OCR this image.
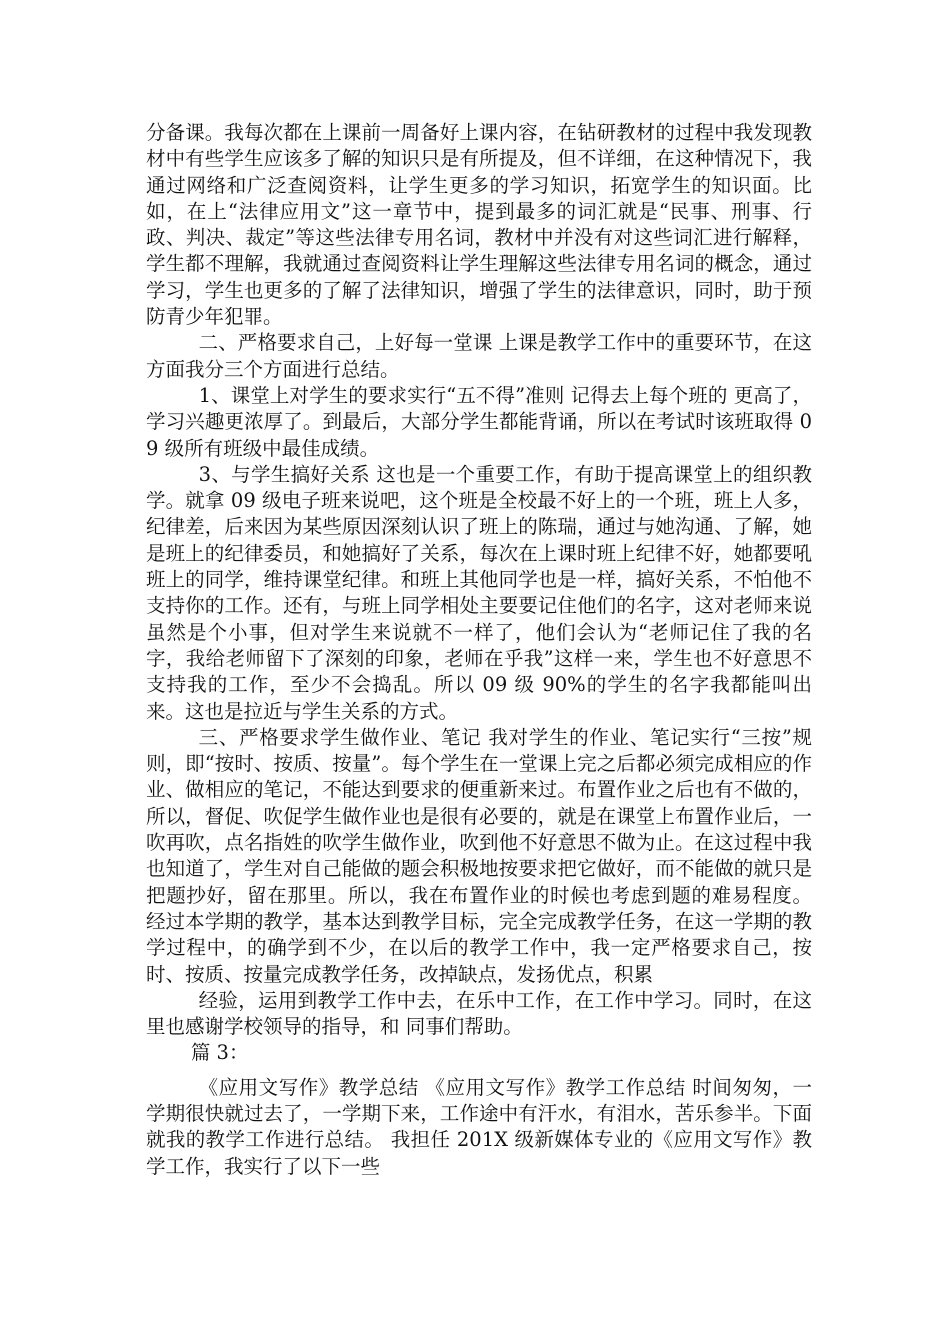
分备课。我每次都在上课前一周备好上课内容，在钻研教材的过程中我发现教材中有些学生应该多了解的知识只是有所提及，但不详细，在这种情况下，我通过网络和广泛查阅资料，让学生更多的学习知识，拓宽学生的知识面。比如，在上“法律应用文”这一章节中，提到最多的词汇就是“民事、刑事、行政、判决、裁定”等这些法律专用名词，教材中并没有对这些词汇进行解释，学生都不理解，我就通过查阅资料让学生理解这些法律专用名词的概念，通过学习，学生也更多的了解了法律知识，增强了学生的法律意识，同时，助于预防青少年犯罪。

二、严格要求自己，上好每一堂课 上课是教学工作中的重要环节，在这方面我分三个方面进行总结。

1、课堂上对学生的要求实行“五不得”准则 记得去上每个班的 更高了，学习兴趣更浓厚了。到最后，大部分学生都能背诵，所以在考试时该班取得 09 级所有班级中最佳成绩。

3、与学生搞好关系 这也是一个重要工作，有助于提高课堂上的组织教学。就拿 09 级电子班来说吧，这个班是全校最不好上的一个班，班上人多，纪律差，后来因为某些原因深刻认识了班上的陈瑞，通过与她沟通、了解，她是班上的纪律委员，和她搞好了关系，每次在上课时班上纪律不好，她都要吼班上的同学，维持课堂纪律。和班上其他同学也是一样，搞好关系，不怕他不支持你的工作。还有，与班上同学相处主要要记住他们的名字，这对老师来说虽然是个小事，但对学生来说就不一样了，他们会认为“老师记住了我的名字，我给老师留下了深刻的印象，老师在乎我”这样一来，学生也不好意思不支持我的工作，至少不会捣乱。所以 09 级 90%的学生的名字我都能叫出来。这也是拉近与学生关系的方式。

三、严格要求学生做作业、笔记 我对学生的作业、笔记实行“三按”规则，即“按时、按质、按量”。每个学生在一堂课上完之后都必须完成相应的作业、做相应的笔记，不能达到要求的便重新来过。布置作业之后也有不做的，所以，督促、吹促学生做作业也是很有必要的，就是在课堂上布置作业后，一吹再吹，点名指姓的吹学生做作业，吹到他不好意思不做为止。在这过程中我也知道了，学生对自己能做的题会积极地按要求把它做好，而不能做的就只是把题抄好，留在那里。所以，我在布置作业的时候也考虑到题的难易程度。 经过本学期的教学，基本达到教学目标，完全完成教学任务，在这一学期的教学过程中，的确学到不少，在以后的教学工作中，我一定严格要求自己，按时、按质、按量完成教学任务，改掉缺点，发扬优点，积累

经验，运用到教学工作中去，在乐中工作，在工作中学习。同时，在这里也感谢学校领导的指导，和 同事们帮助。

篇 3：

《应用文写作》教学总结 《应用文写作》教学工作总结 时间匆匆，一学期很快就过去了，一学期下来，工作途中有汗水，有泪水，苦乐参半。下面就我的教学工作进行总结。 我担任 201X 级新媒体专业的《应用文写作》教学工作，我实行了以下一些
